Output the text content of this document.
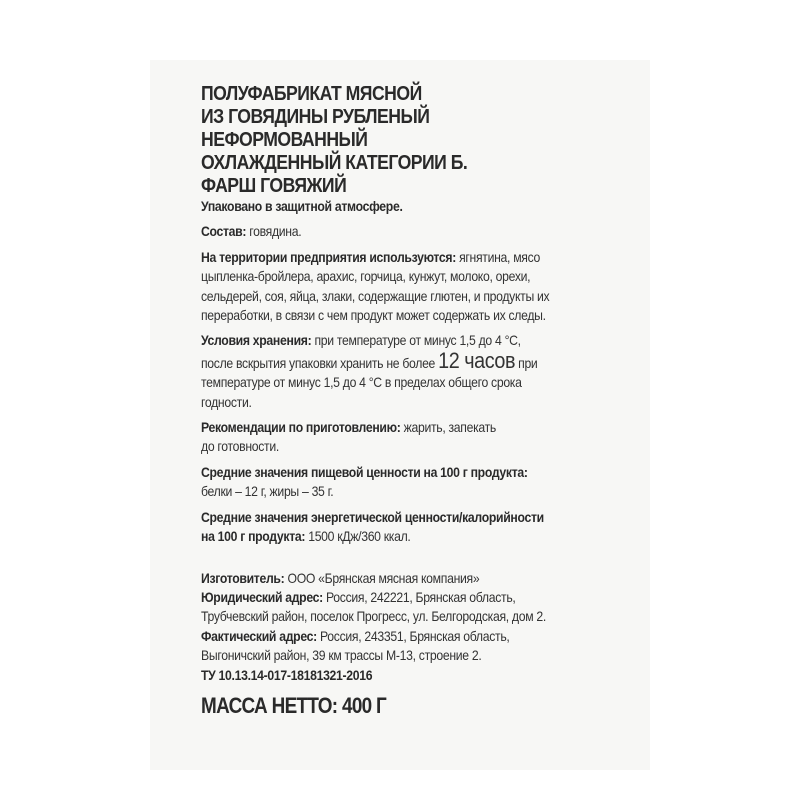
ПОЛУФАБРИКАТ МЯСНОЙ
ИЗ ГОВЯДИНЫ РУБЛЕНЫЙ
НЕФОРМОВАННЫЙ
ОХЛАЖДЕННЫЙ КАТЕГОРИИ Б.
ФАРШ ГОВЯЖИЙ
Упаковано в защитной атмосфере.
Состав: говядина.
На территории предприятия используются: ягнятина, мясо
цыпленка-бройлера, арахис, горчица, кунжут, молоко, орехи,
сельдерей, соя, яйца, злаки, содержащие глютен, и продукты их
переработки, в связи с чем продукт может содержать их следы.
Условия хранения: при температуре от минус 1,5 до 4 °С,
после вскрытия упаковки хранить не более 12 часов при
температуре от минус 1,5 до 4 °С в пределах общего срока
годности.
Рекомендации по приготовлению: жарить, запекать
до готовности.
Средние значения пищевой ценности на 100 г продукта:
белки – 12 г, жиры – 35 г.
Средние значения энергетической ценности/калорийности
на 100 г продукта: 1500 кДж/360 ккал.
Изготовитель: ООО «Брянская мясная компания»
Юридический адрес: Россия, 242221, Брянская область,
Трубчевский район, поселок Прогресс, ул. Белгородская, дом 2.
Фактический адрес: Россия, 243351, Брянская область,
Выгоничский район, 39 км трассы М-13, строение 2.
ТУ 10.13.14-017-18181321-2016
МАССА НЕТТО: 400 Г
